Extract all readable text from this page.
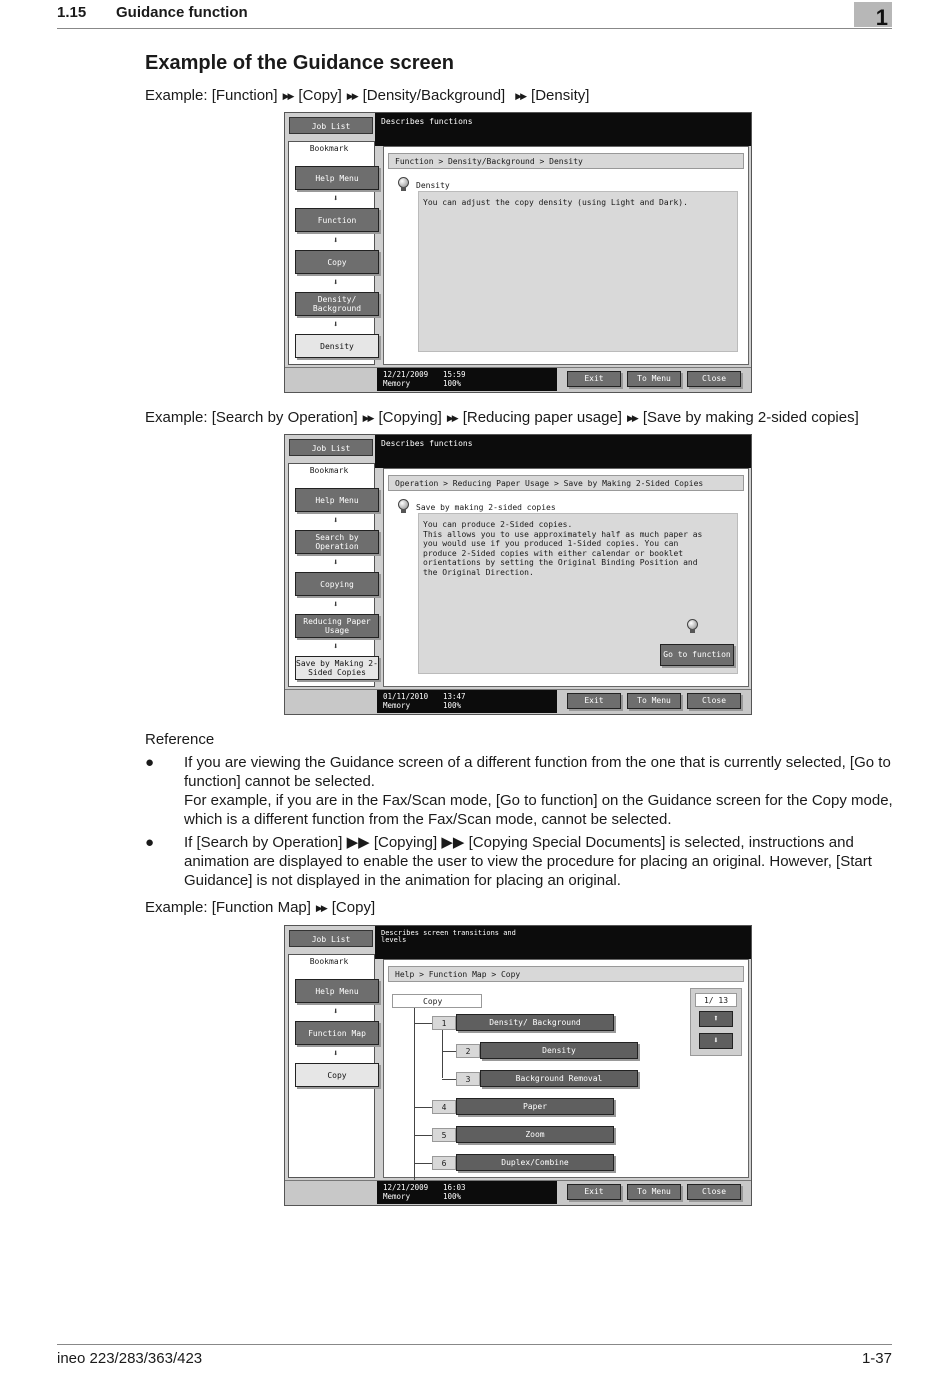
1.15 Guidance function	1
Example of the Guidance screen
Example: [Function] ▶▶ [Copy] ▶▶ [Density/Background] ▶▶ [Density]
Describes functions
Job List
Bookmark
Help Menu
⬇
Function
⬇
Copy
⬇
Density/ Background
⬇
Density
Function > Density/Background > Density
Density
You can adjust the copy density (using Light and Dark).
12/21/2009
Memory
15:59
100%	Exit	To Menu	Close
Example: [Search by Operation] ▶▶ [Copying] ▶▶ [Reducing paper usage] ▶▶ [Save by making 2-sided copies]
Describes functions
Job List
Bookmark
Help Menu
⬇
Search by Operation
⬇
Copying
⬇
Reducing Paper Usage
⬇
Save by Making 2-Sided Copies
Operation > Reducing Paper Usage > Save by Making 2-Sided Copies
Save by making 2-sided copies
You can produce 2-Sided copies.
This allows you to use approximately half as much paper as
you would use if you produced 1-Sided copies. You can
produce 2-Sided copies with either calendar or booklet
orientations by setting the Original Binding Position and
the Original Direction.
Go to function
01/11/2010
Memory
13:47
100%	Exit	To Menu	Close
Reference
● If you are viewing the Guidance screen of a different function from the one that is currently selected, [Go to function] cannot be selected.

For example, if you are in the Fax/Scan mode, [Go to function] on the Guidance screen for the Copy mode, which is a different function from the Fax/Scan mode, cannot be selected.

● If [Search by Operation] ▶▶ [Copying] ▶▶ [Copying Special Documents] is selected, instructions and animation are displayed to enable the user to view the procedure for placing an original. However, [Start Guidance] is not displayed in the animation for placing an original.

Example: [Function Map] ▶▶ [Copy]
Describes screen transitions and levels
Job List
Bookmark
Help Menu
⬇
Function Map
⬇
Copy
Help > Function Map > Copy
Copy
1	Density/ Background
2	Density
3	Background Removal
4	Paper
5	Zoom
6	Duplex/Combine
1/ 13
⬆
⬇
12/21/2009
Memory
16:03
100%	Exit	To Menu	Close
ineo 223/283/363/423	1-37
